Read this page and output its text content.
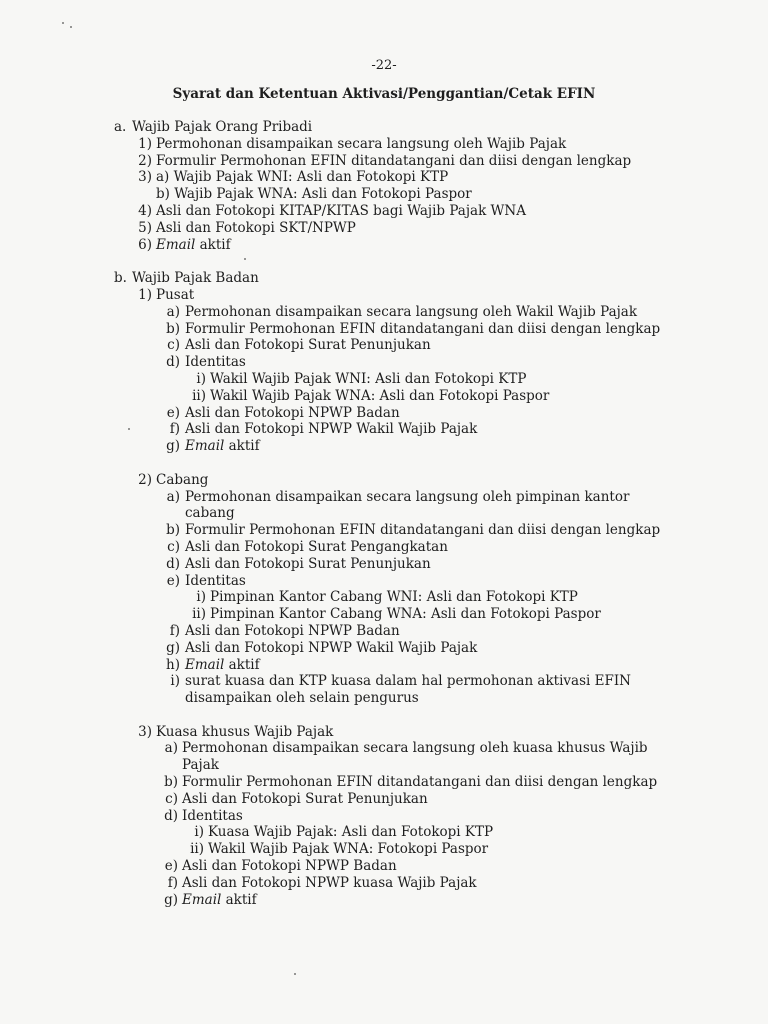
-22-
Syarat dan Ketentuan Aktivasi/Penggantian/Cetak EFIN
a. Wajib Pajak Orang Pribadi
1) Permohonan disampaikan secara langsung oleh Wajib Pajak
2) Formulir Permohonan EFIN ditandatangani dan diisi dengan lengkap
3) a) Wajib Pajak WNI: Asli dan Fotokopi KTP
b) Wajib Pajak WNA: Asli dan Fotokopi Paspor
4) Asli dan Fotokopi KITAP/KITAS bagi Wajib Pajak WNA
5) Asli dan Fotokopi SKT/NPWP
6) Email aktif
b. Wajib Pajak Badan
1) Pusat
a) Permohonan disampaikan secara langsung oleh Wakil Wajib Pajak
b) Formulir Permohonan EFIN ditandatangani dan diisi dengan lengkap
c) Asli dan Fotokopi Surat Penunjukan
d) Identitas
i) Wakil Wajib Pajak WNI: Asli dan Fotokopi KTP
ii) Wakil Wajib Pajak WNA: Asli dan Fotokopi Paspor
e) Asli dan Fotokopi NPWP Badan
f) Asli dan Fotokopi NPWP Wakil Wajib Pajak
g) Email aktif
2) Cabang
a) Permohonan disampaikan secara langsung oleh pimpinan kantor
cabang
b) Formulir Permohonan EFIN ditandatangani dan diisi dengan lengkap
c) Asli dan Fotokopi Surat Pengangkatan
d) Asli dan Fotokopi Surat Penunjukan
e) Identitas
i) Pimpinan Kantor Cabang WNI: Asli dan Fotokopi KTP
ii) Pimpinan Kantor Cabang WNA: Asli dan Fotokopi Paspor
f) Asli dan Fotokopi NPWP Badan
g) Asli dan Fotokopi NPWP Wakil Wajib Pajak
h) Email aktif
i) surat kuasa dan KTP kuasa dalam hal permohonan aktivasi EFIN
disampaikan oleh selain pengurus
3) Kuasa khusus Wajib Pajak
a) Permohonan disampaikan secara langsung oleh kuasa khusus Wajib
Pajak
b) Formulir Permohonan EFIN ditandatangani dan diisi dengan lengkap
c) Asli dan Fotokopi Surat Penunjukan
d) Identitas
i) Kuasa Wajib Pajak: Asli dan Fotokopi KTP
ii) Wakil Wajib Pajak WNA: Fotokopi Paspor
e) Asli dan Fotokopi NPWP Badan
f) Asli dan Fotokopi NPWP kuasa Wajib Pajak
g) Email aktif
